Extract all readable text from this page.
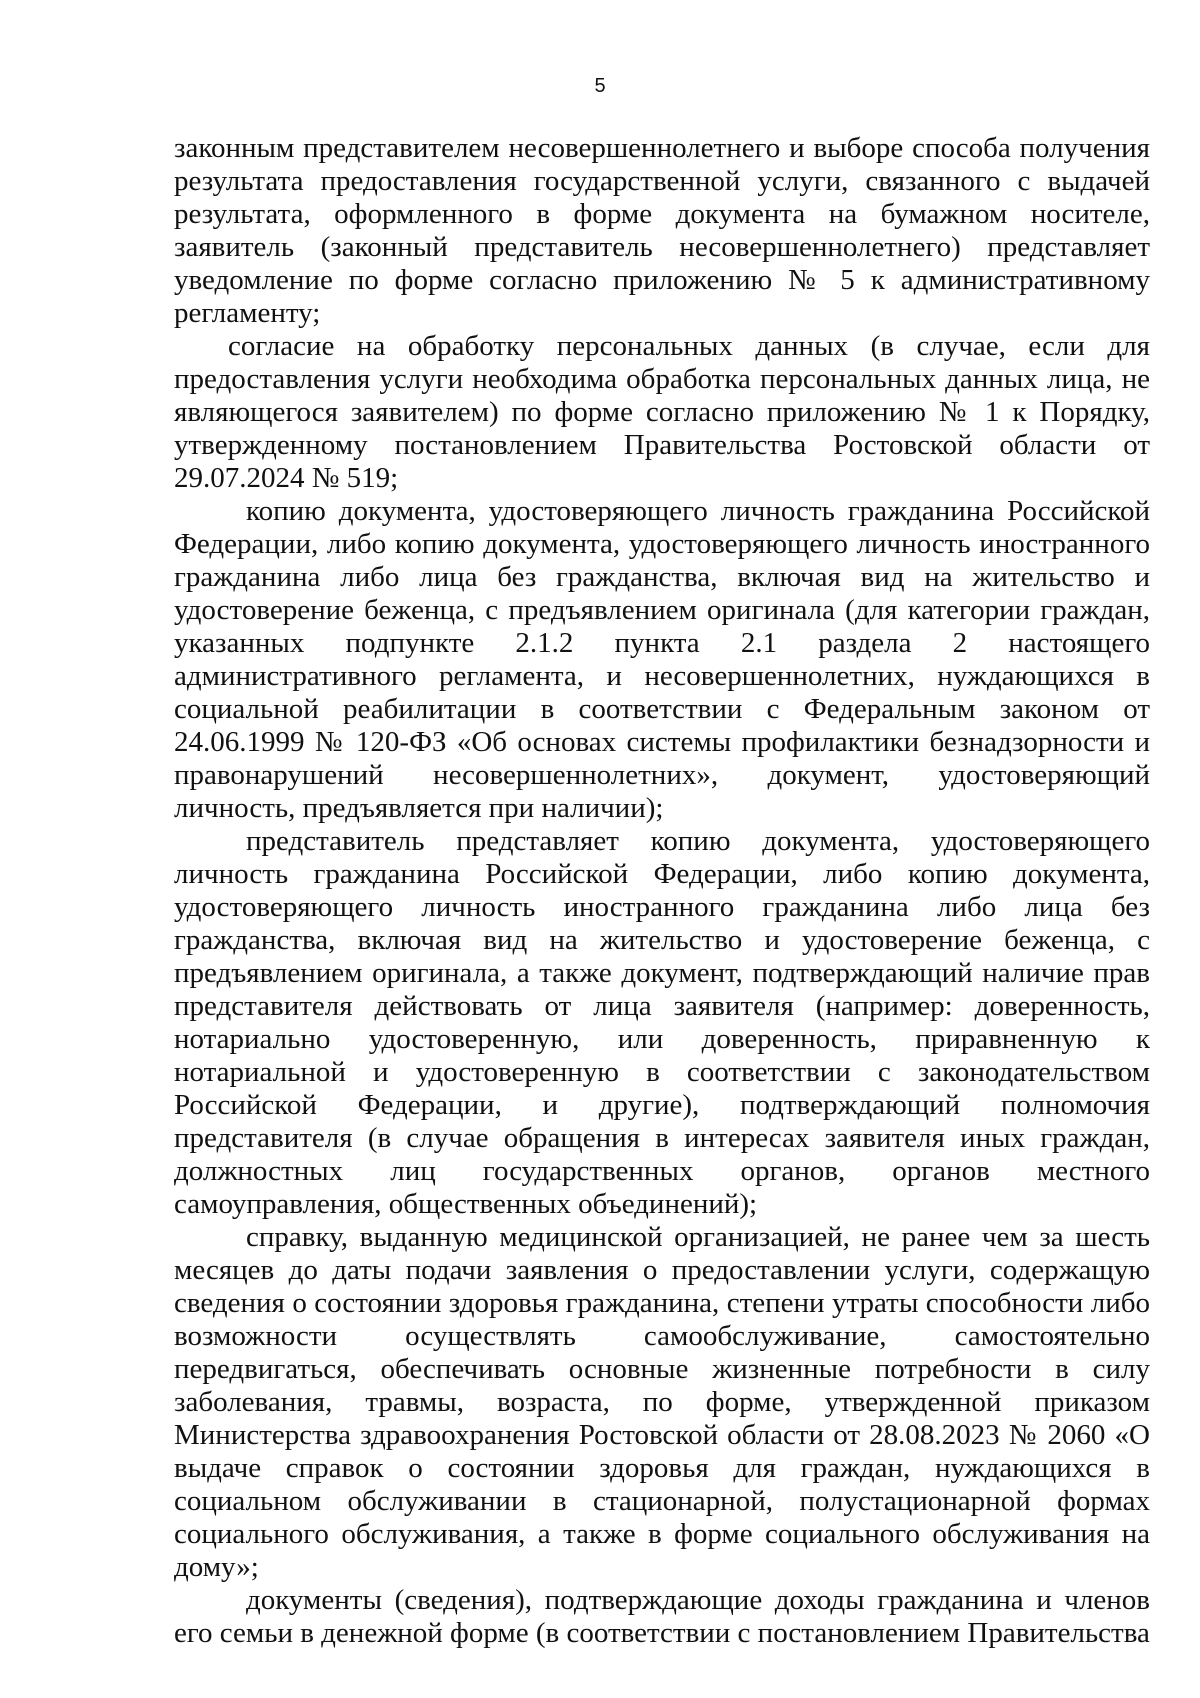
5

законным представителем несовершеннолетнего и выборе способа получения результата предоставления государственной услуги, связанного с выдачей результата, оформленного в форме документа на бумажном носителе, заявитель (законный представитель несовершеннолетнего) представляет уведомление по форме согласно приложению № 5 к административному регламенту;

согласие на обработку персональных данных (в случае, если для предоставления услуги необходима обработка персональных данных лица, не являющегося заявителем) по форме согласно приложению № 1 к Порядку, утвержденному постановлением Правительства Ростовской области от 29.07.2024 № 519;

копию документа, удостоверяющего личность гражданина Российской Федерации, либо копию документа, удостоверяющего личность иностранного гражданина либо лица без гражданства, включая вид на жительство и удостоверение беженца, с предъявлением оригинала (для категории граждан, указанных подпункте 2.1.2 пункта 2.1 раздела 2 настоящего административного регламента, и несовершеннолетних, нуждающихся в социальной реабилитации в соответствии с Федеральным законом от 24.06.1999 № 120-ФЗ «Об основах системы профилактики безнадзорности и правонарушений несовершеннолетних», документ, удостоверяющий личность, предъявляется при наличии);

представитель представляет копию документа, удостоверяющего личность гражданина Российской Федерации, либо копию документа, удостоверяющего личность иностранного гражданина либо лица без гражданства, включая вид на жительство и удостоверение беженца, с предъявлением оригинала, а также документ, подтверждающий наличие прав представителя действовать от лица заявителя (например: доверенность, нотариально удостоверенную, или доверенность, приравненную к нотариальной и удостоверенную в соответствии с законодательством Российской Федерации, и другие), подтверждающий полномочия представителя (в случае обращения в интересах заявителя иных граждан, должностных лиц государственных органов, органов местного самоуправления, общественных объединений);

справку, выданную медицинской организацией, не ранее чем за шесть месяцев до даты подачи заявления о предоставлении услуги, содержащую сведения о состоянии здоровья гражданина, степени утраты способности либо возможности осуществлять самообслуживание, самостоятельно передвигаться, обеспечивать основные жизненные потребности в силу заболевания, травмы, возраста, по форме, утвержденной приказом Министерства здравоохранения Ростовской области от 28.08.2023 № 2060 «О выдаче справок о состоянии здоровья для граждан, нуждающихся в социальном обслуживании в стационарной, полустационарной формах социального обслуживания, а также в форме социального обслуживания на дому»;

документы (сведения), подтверждающие доходы гражданина и членов его семьи в денежной форме (в соответствии с постановлением Правительства
